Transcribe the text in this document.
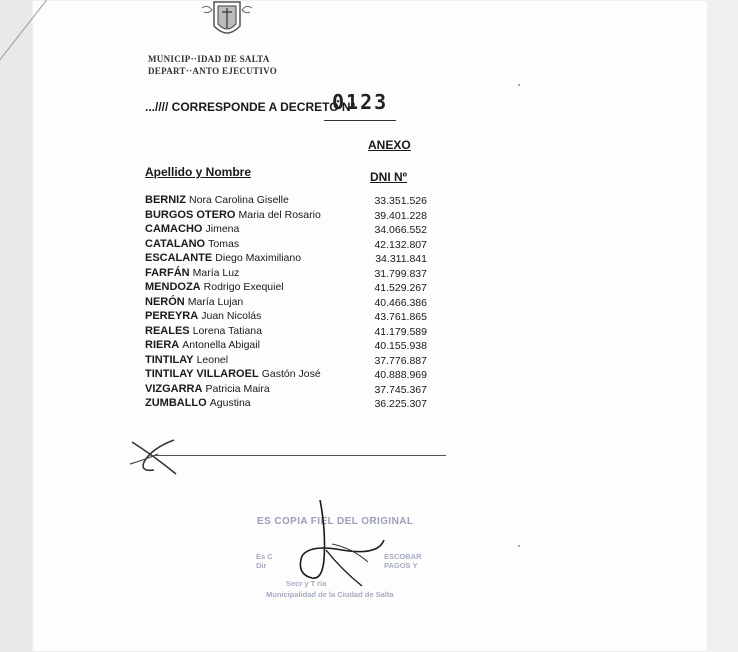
MUNICIP··IDAD DE SALTA
DEPART··ANTO EJECUTIVO
...//// CORRESPONDE A DECRETO Nº
0123
ANEXO
Apellido y Nombre	DNI Nº
BERNIZ Nora Carolina Giselle	33.351.526
BURGOS OTERO Maria del Rosario	39.401.228
CAMACHO Jimena	34.066.552
CATALANO Tomas	42.132.807
ESCALANTE Diego Maximiliano	34.311.841
FARFÁN María Luz	31.799.837
MENDOZA Rodrigo Exequiel	41.529.267
NERÓN María Lujan	40.466.386
PEREYRA Juan Nicolás	43.761.865
REALES Lorena Tatiana	41.179.589
RIERA Antonella Abigail	40.155.938
TINTILAY Leonel	37.776.887
TINTILAY VILLAROEL Gastón José	40.888.969
VIZGARRA Patricia Maira	37.745.367
ZUMBALLO Agustina	36.225.307
ES COPIA FIEL DEL ORIGINAL
Es C
Dir
ESCOBAR
PAGOS Y
Secr y T ria
Municipalidad de la Ciudad de Salta
